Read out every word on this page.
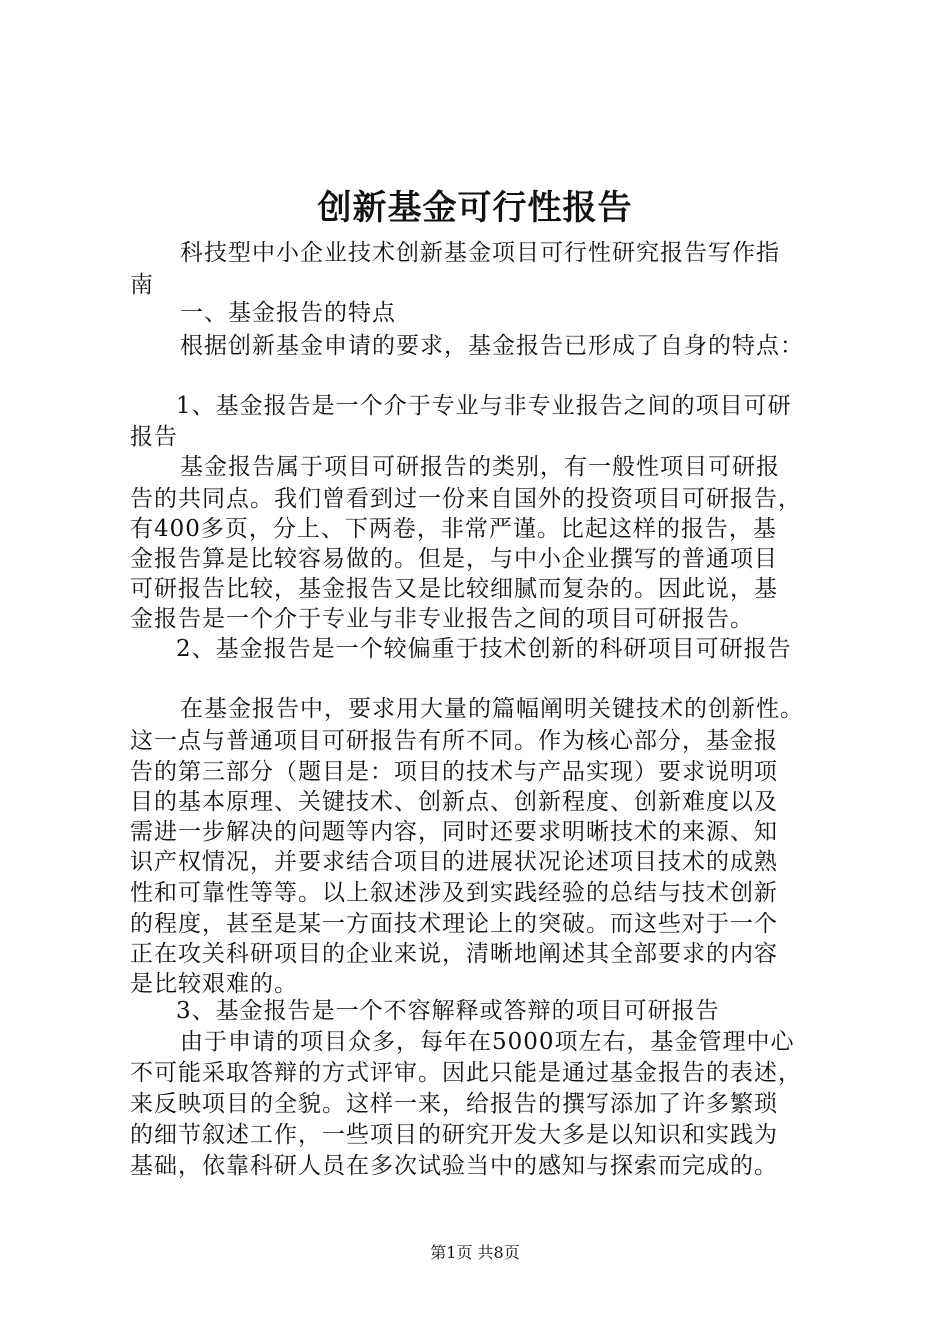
创新基金可行性报告
科技型中小企业技术创新基金项目可行性研究报告写作指
南
一、基金报告的特点
根据创新基金申请的要求，基金报告已形成了自身的特点：
1、基金报告是一个介于专业与非专业报告之间的项目可研
报告
基金报告属于项目可研报告的类别，有一般性项目可研报
告的共同点。我们曾看到过一份来自国外的投资项目可研报告，
有400多页，分上、下两卷，非常严谨。比起这样的报告，基
金报告算是比较容易做的。但是，与中小企业撰写的普通项目
可研报告比较，基金报告又是比较细腻而复杂的。因此说，基
金报告是一个介于专业与非专业报告之间的项目可研报告。
2、基金报告是一个较偏重于技术创新的科研项目可研报告
在基金报告中，要求用大量的篇幅阐明关键技术的创新性。
这一点与普通项目可研报告有所不同。作为核心部分，基金报
告的第三部分（题目是：项目的技术与产品实现）要求说明项
目的基本原理、关键技术、创新点、创新程度、创新难度以及
需进一步解决的问题等内容，同时还要求明晰技术的来源、知
识产权情况，并要求结合项目的进展状况论述项目技术的成熟
性和可靠性等等。以上叙述涉及到实践经验的总结与技术创新
的程度，甚至是某一方面技术理论上的突破。而这些对于一个
正在攻关科研项目的企业来说，清晰地阐述其全部要求的内容
是比较艰难的。
3、基金报告是一个不容解释或答辩的项目可研报告
由于申请的项目众多，每年在5000项左右，基金管理中心
不可能采取答辩的方式评审。因此只能是通过基金报告的表述，
来反映项目的全貌。这样一来，给报告的撰写添加了许多繁琐
的细节叙述工作，一些项目的研究开发大多是以知识和实践为
基础，依靠科研人员在多次试验当中的感知与探索而完成的。
第1页 共8页
